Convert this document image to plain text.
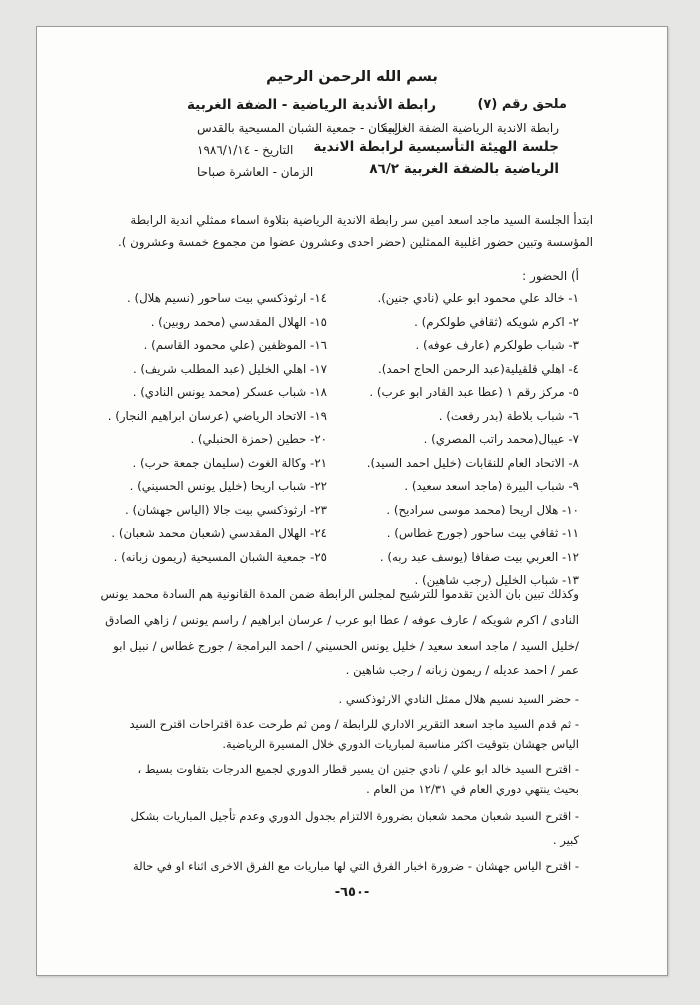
بسم الله الرحمن الرحيم
ملحق رقم (٧)
رابطة الأندية الرياضية - الضفة الغربية
رابطة الاندية الرياضية الضفة الغربية
المكان - جمعية الشبان المسيحية بالقدس
جلسة الهيئة التأسيسية لرابطة الاندية
التاريخ - ١٩٨٦/١/١٤
الرياضية بالضفة الغربية ٨٦/٢
الزمان - العاشرة صباحا
ابتدأ الجلسة السيد ماجد اسعد امين سر رابطة الاندية الرياضية بتلاوة اسماء ممثلي اندية الرابطة
المؤسسة وتبين حضور اغلبية الممثلين (حضر احدى وعشرون عضوا من مجموع خمسة وعشرون ).
أ) الحضور :
١- خالد علي محمود ابو علي (نادي جنين).
٢- اكرم شويكه (ثقافي طولكرم) .
٣- شباب طولكرم (عارف عوفه) .
٤- اهلي قلقيلية(عبد الرحمن الحاج احمد).
٥- مركز رقم ١ (عطا عبد القادر ابو عرب) .
٦- شباب بلاطة (بدر رفعت) .
٧- عيبال(محمد راتب المصري) .
٨- الاتحاد العام للنقابات (خليل احمد السيد).
٩- شباب البيرة (ماجد اسعد سعيد) .
١٠- هلال اريحا (محمد موسى سراديح) .
١١- ثقافي بيت ساحور (جورج غطاس) .
١٢- العربي بيت صفافا (يوسف عبد ربه) .
١٣- شباب الخليل (رجب شاهين) .
١٤- ارثوذكسي بيت ساحور (نسيم هلال) .
١٥- الهلال المقدسي (محمد روبين) .
١٦- الموظفين (علي محمود القاسم) .
١٧- اهلي الخليل (عبد المطلب شريف) .
١٨- شباب عسكر (محمد يونس النادي) .
١٩- الاتحاد الرياضي (عرسان ابراهيم النجار) .
٢٠- حطين (حمزة الحنبلي) .
٢١- وكالة الغوث (سليمان جمعة حرب) .
٢٢- شباب اريحا (خليل يونس الحسيني) .
٢٣- ارثوذكسي بيت جالا (الياس جهشان) .
٢٤- الهلال المقدسي (شعبان محمد شعبان) .
٢٥- جمعية الشبان المسيحية (ريمون زبانه) .
وكذلك تبين بان الذين تقدموا للترشيح لمجلس الرابطة ضمن المدة القانونية هم السادة محمد يونس
النادى / اكرم شويكه / عارف عوفه / عطا ابو عرب / عرسان ابراهيم / راسم يونس / زاهي الصادق
/خليل السيد / ماجد اسعد سعيد / خليل يونس الحسيني / احمد البرامجة / جورج غطاس / نبيل ابو
عمر / احمد عديله / ريمون زبانه / رجب شاهين .
- حضر السيد نسيم هلال ممثل النادي الارثوذكسي .
- ثم قدم السيد ماجد اسعد التقرير الاداري للرابطة / ومن ثم طرحت عدة اقتراحات اقترح السيد
الياس جهشان بتوقيت اكثر مناسبة لمباريات الدوري خلال المسيرة الرياضية.
- اقترح السيد خالد ابو علي / نادي جنين ان يسير قطار الدوري لجميع الدرجات بتفاوت بسيط ،
بحيث ينتهي دوري العام في ١٢/٣١ من العام .
- اقترح السيد شعبان محمد شعبان بضرورة الالتزام بجدول الدوري وعدم تأجيل المباريات بشكل
كبير .
- اقترح الياس جهشان - ضرورة اخبار الفرق التي لها مباريات مع الفرق الاخرى اثناء او في حالة
-٦٥٠-
